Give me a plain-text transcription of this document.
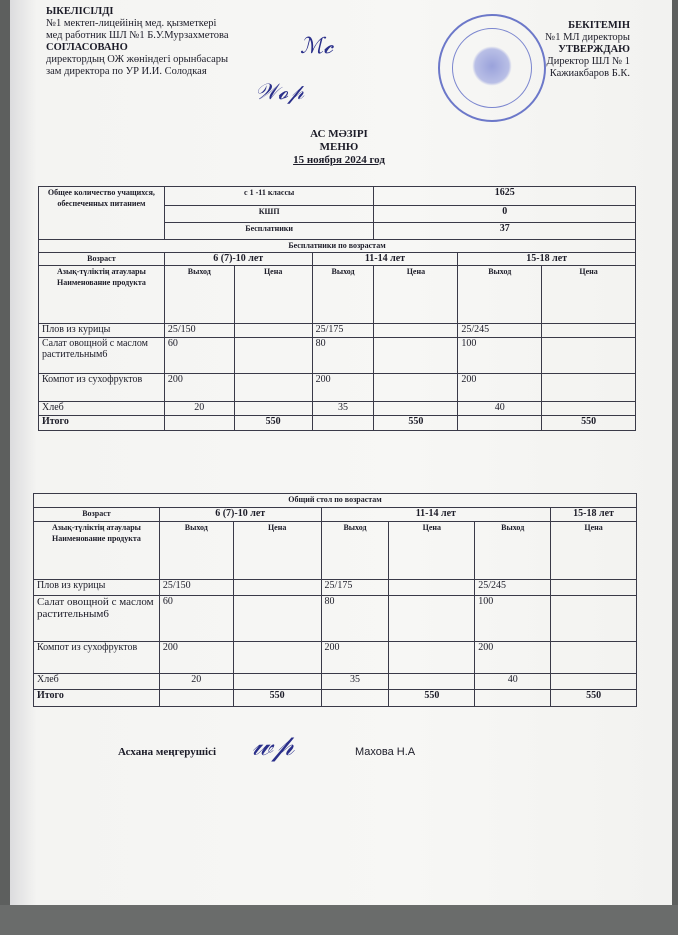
ЫКЕЛІСІЛДІ
№1 мектеп-лицейінің мед. қызметкері
мед работник ШЛ №1 Б.У.Мурзахметова
СОГЛАСОВАНО
директордың ОЖ жөніндегі орынбасары
зам директора по УР И.И. Солодкая
ℳ𝓬
𝒲𝓸𝓅
БЕКІТЕМІН
№1 МЛ директоры
УТВЕРЖДАЮ
Директор ШЛ № 1
Кажиакбаров Б.К.
АС МӘЗІРІ
МЕНЮ
15 ноября 2024 год
Общее количество учащихся, обеспеченных питанием	с 1 -11 классы			1625		
	КШП			0		
	Бесплатники			37		
Бесплатники по возрастам						
Возраст	6 (7)-10 лет		11-14 лет		15-18 лет	
Азық-түліктің атаулары Наименование продукта	Выход	Цена	Выход	Цена	Выход	Цена
Плов из курицы	25/150		25/175		25/245	
Салат овощной с маслом растительным6	60		80		100	
Компот из сухофруктов	200		200		200	
Хлеб	20		35		40	
Итого		550		550		550
Общий стол по возрастам						
Возраст	6 (7)-10 лет		11-14 лет			15-18 лет
Азық-түліктің атаулары Наименование продукта	Выход	Цена	Выход	Цена	Выход	Цена
Плов из курицы	25/150		25/175		25/245	
Салат овощной с маслом растительным6	60		80		100	
Компот из сухофруктов	200		200		200	
Хлеб	20		35		40	
Итого		550		550		550
Асхана меңгерушісі 𝓌𝓅	Махова Н.А
